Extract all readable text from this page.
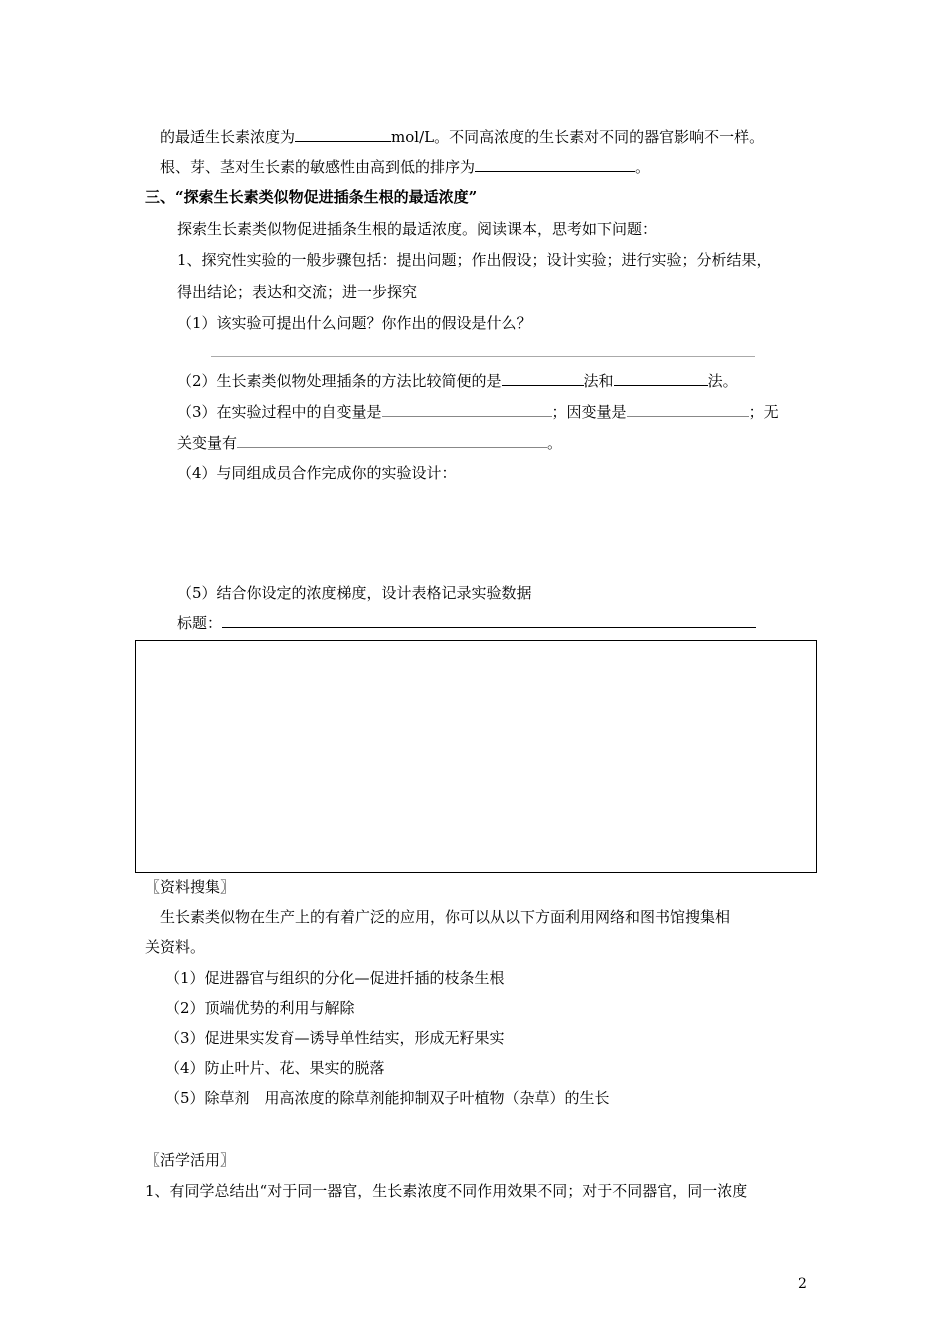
的最适生长素浓度为	mol/L。不同高浓度的生长素对不同的器官影响不一样。
根、芽、茎对生长素的敏感性由高到低的排序为	。
三、“探索生长素类似物促进插条生根的最适浓度”
探索生长素类似物促进插条生根的最适浓度。阅读课本，思考如下问题：
1、探究性实验的一般步骤包括：提出问题；作出假设；设计实验；进行实验；分析结果，
得出结论；表达和交流；进一步探究
（1）该实验可提出什么问题？你作出的假设是什么？
（2）生长素类似物处理插条的方法比较简便的是	法和	法。
（3）在实验过程中的自变量是	；因变量是	；无
关变量有	。
（4）与同组成员合作完成你的实验设计：
（5）结合你设定的浓度梯度，设计表格记录实验数据
标题：
〖资料搜集〗
生长素类似物在生产上的有着广泛的应用，你可以从以下方面利用网络和图书馆搜集相
关资料。
（1）促进器官与组织的分化—促进扦插的枝条生根
（2）顶端优势的利用与解除
（3）促进果实发育—诱导单性结实，形成无籽果实
（4）防止叶片、花、果实的脱落
（5）除草剂　用高浓度的除草剂能抑制双子叶植物（杂草）的生长
〖活学活用〗
1、有同学总结出“对于同一器官，生长素浓度不同作用效果不同；对于不同器官，同一浓度
2
